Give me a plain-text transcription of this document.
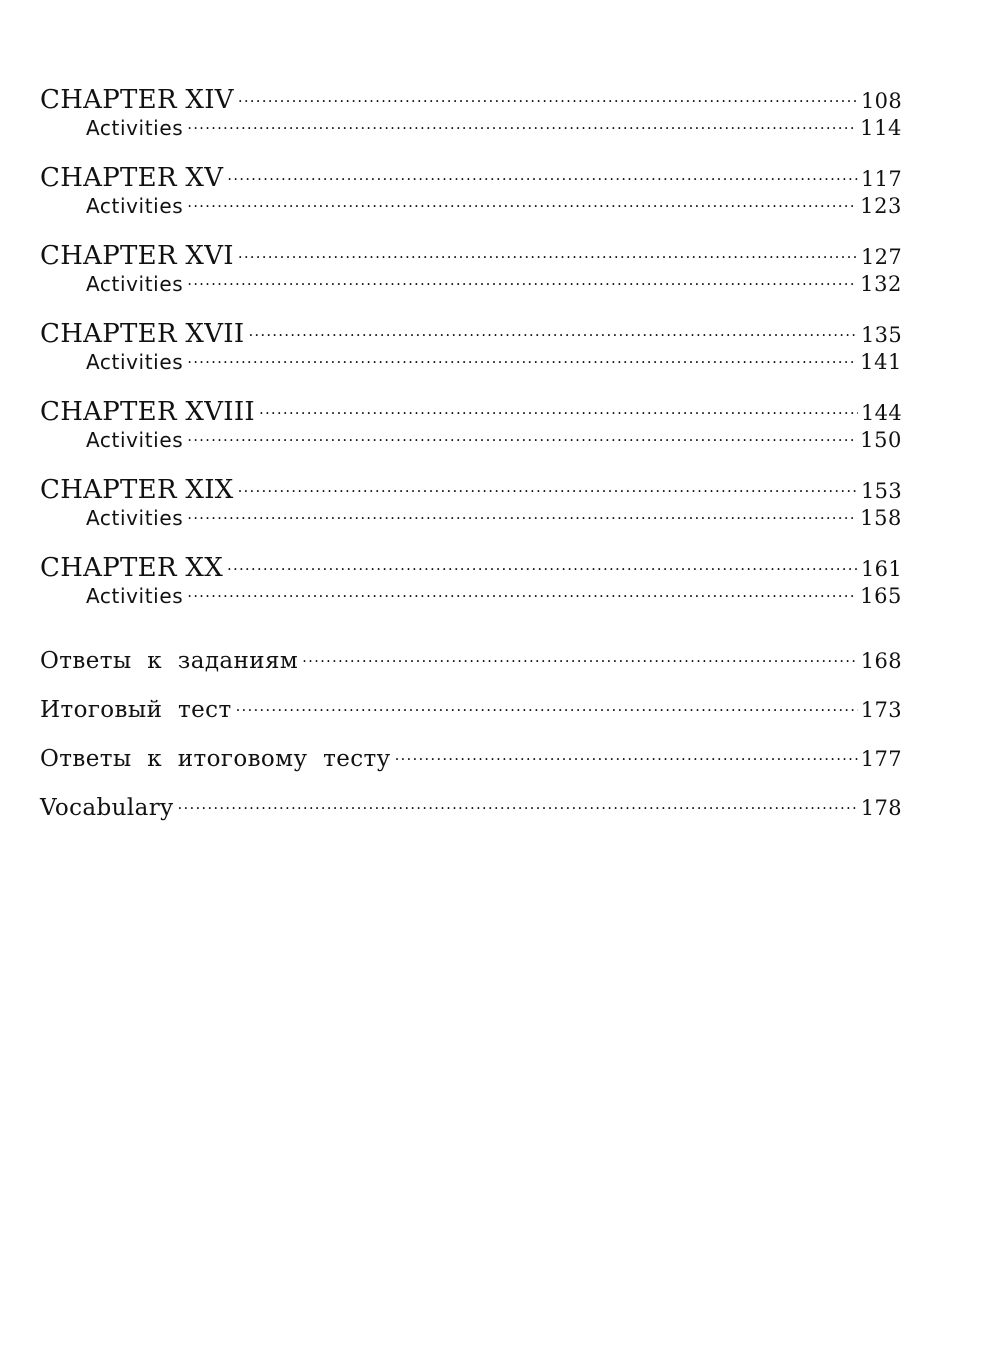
CHAPTER XIV .....	108
Activities .....	114
CHAPTER XV .....	117
Activities .....	123
CHAPTER XVI .....	127
Activities .....	132
CHAPTER XVII .....	135
Activities .....	141
CHAPTER XVIII .....	144
Activities .....	150
CHAPTER XIX .....	153
Activities .....	158
CHAPTER XX .....	161
Activities .....	165
Ответы к заданиям .....	168
Итоговый тест .....	173
Ответы к итоговому тесту .....	177
Vocabulary .....	178
